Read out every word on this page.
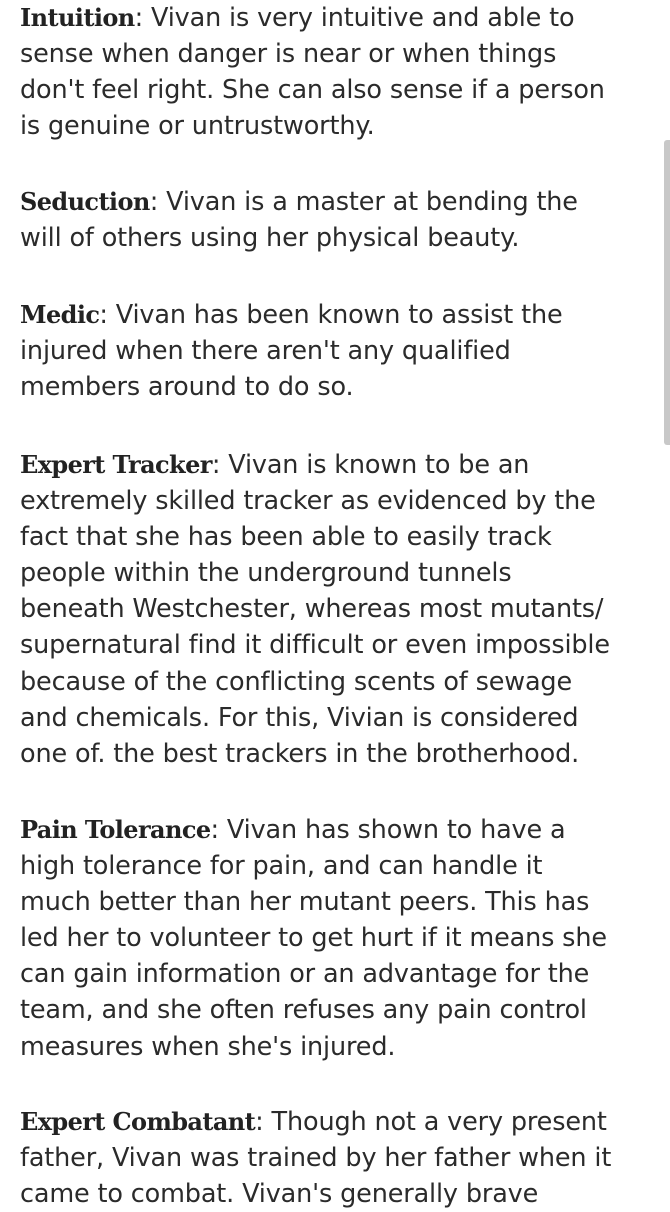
Intuition: Vivan is very intuitive and able to
sense when danger is near or when things
don't feel right. She can also sense if a person
is genuine or untrustworthy.
Seduction: Vivan is a master at bending the
will of others using her physical beauty.
Medic: Vivan has been known to assist the
injured when there aren't any qualified
members around to do so.
Expert Tracker: Vivan is known to be an
extremely skilled tracker as evidenced by the
fact that she has been able to easily track
people within the underground tunnels
beneath Westchester, whereas most mutants/
supernatural find it difficult or even impossible
because of the conflicting scents of sewage
and chemicals. For this, Vivian is considered
one of. the best trackers in the brotherhood.
Pain Tolerance: Vivan has shown to have a
high tolerance for pain, and can handle it
much better than her mutant peers. This has
led her to volunteer to get hurt if it means she
can gain information or an advantage for the
team, and she often refuses any pain control
measures when she's injured.
Expert Combatant: Though not a very present
father, Vivan was trained by her father when it
came to combat. Vivan's generally brave
